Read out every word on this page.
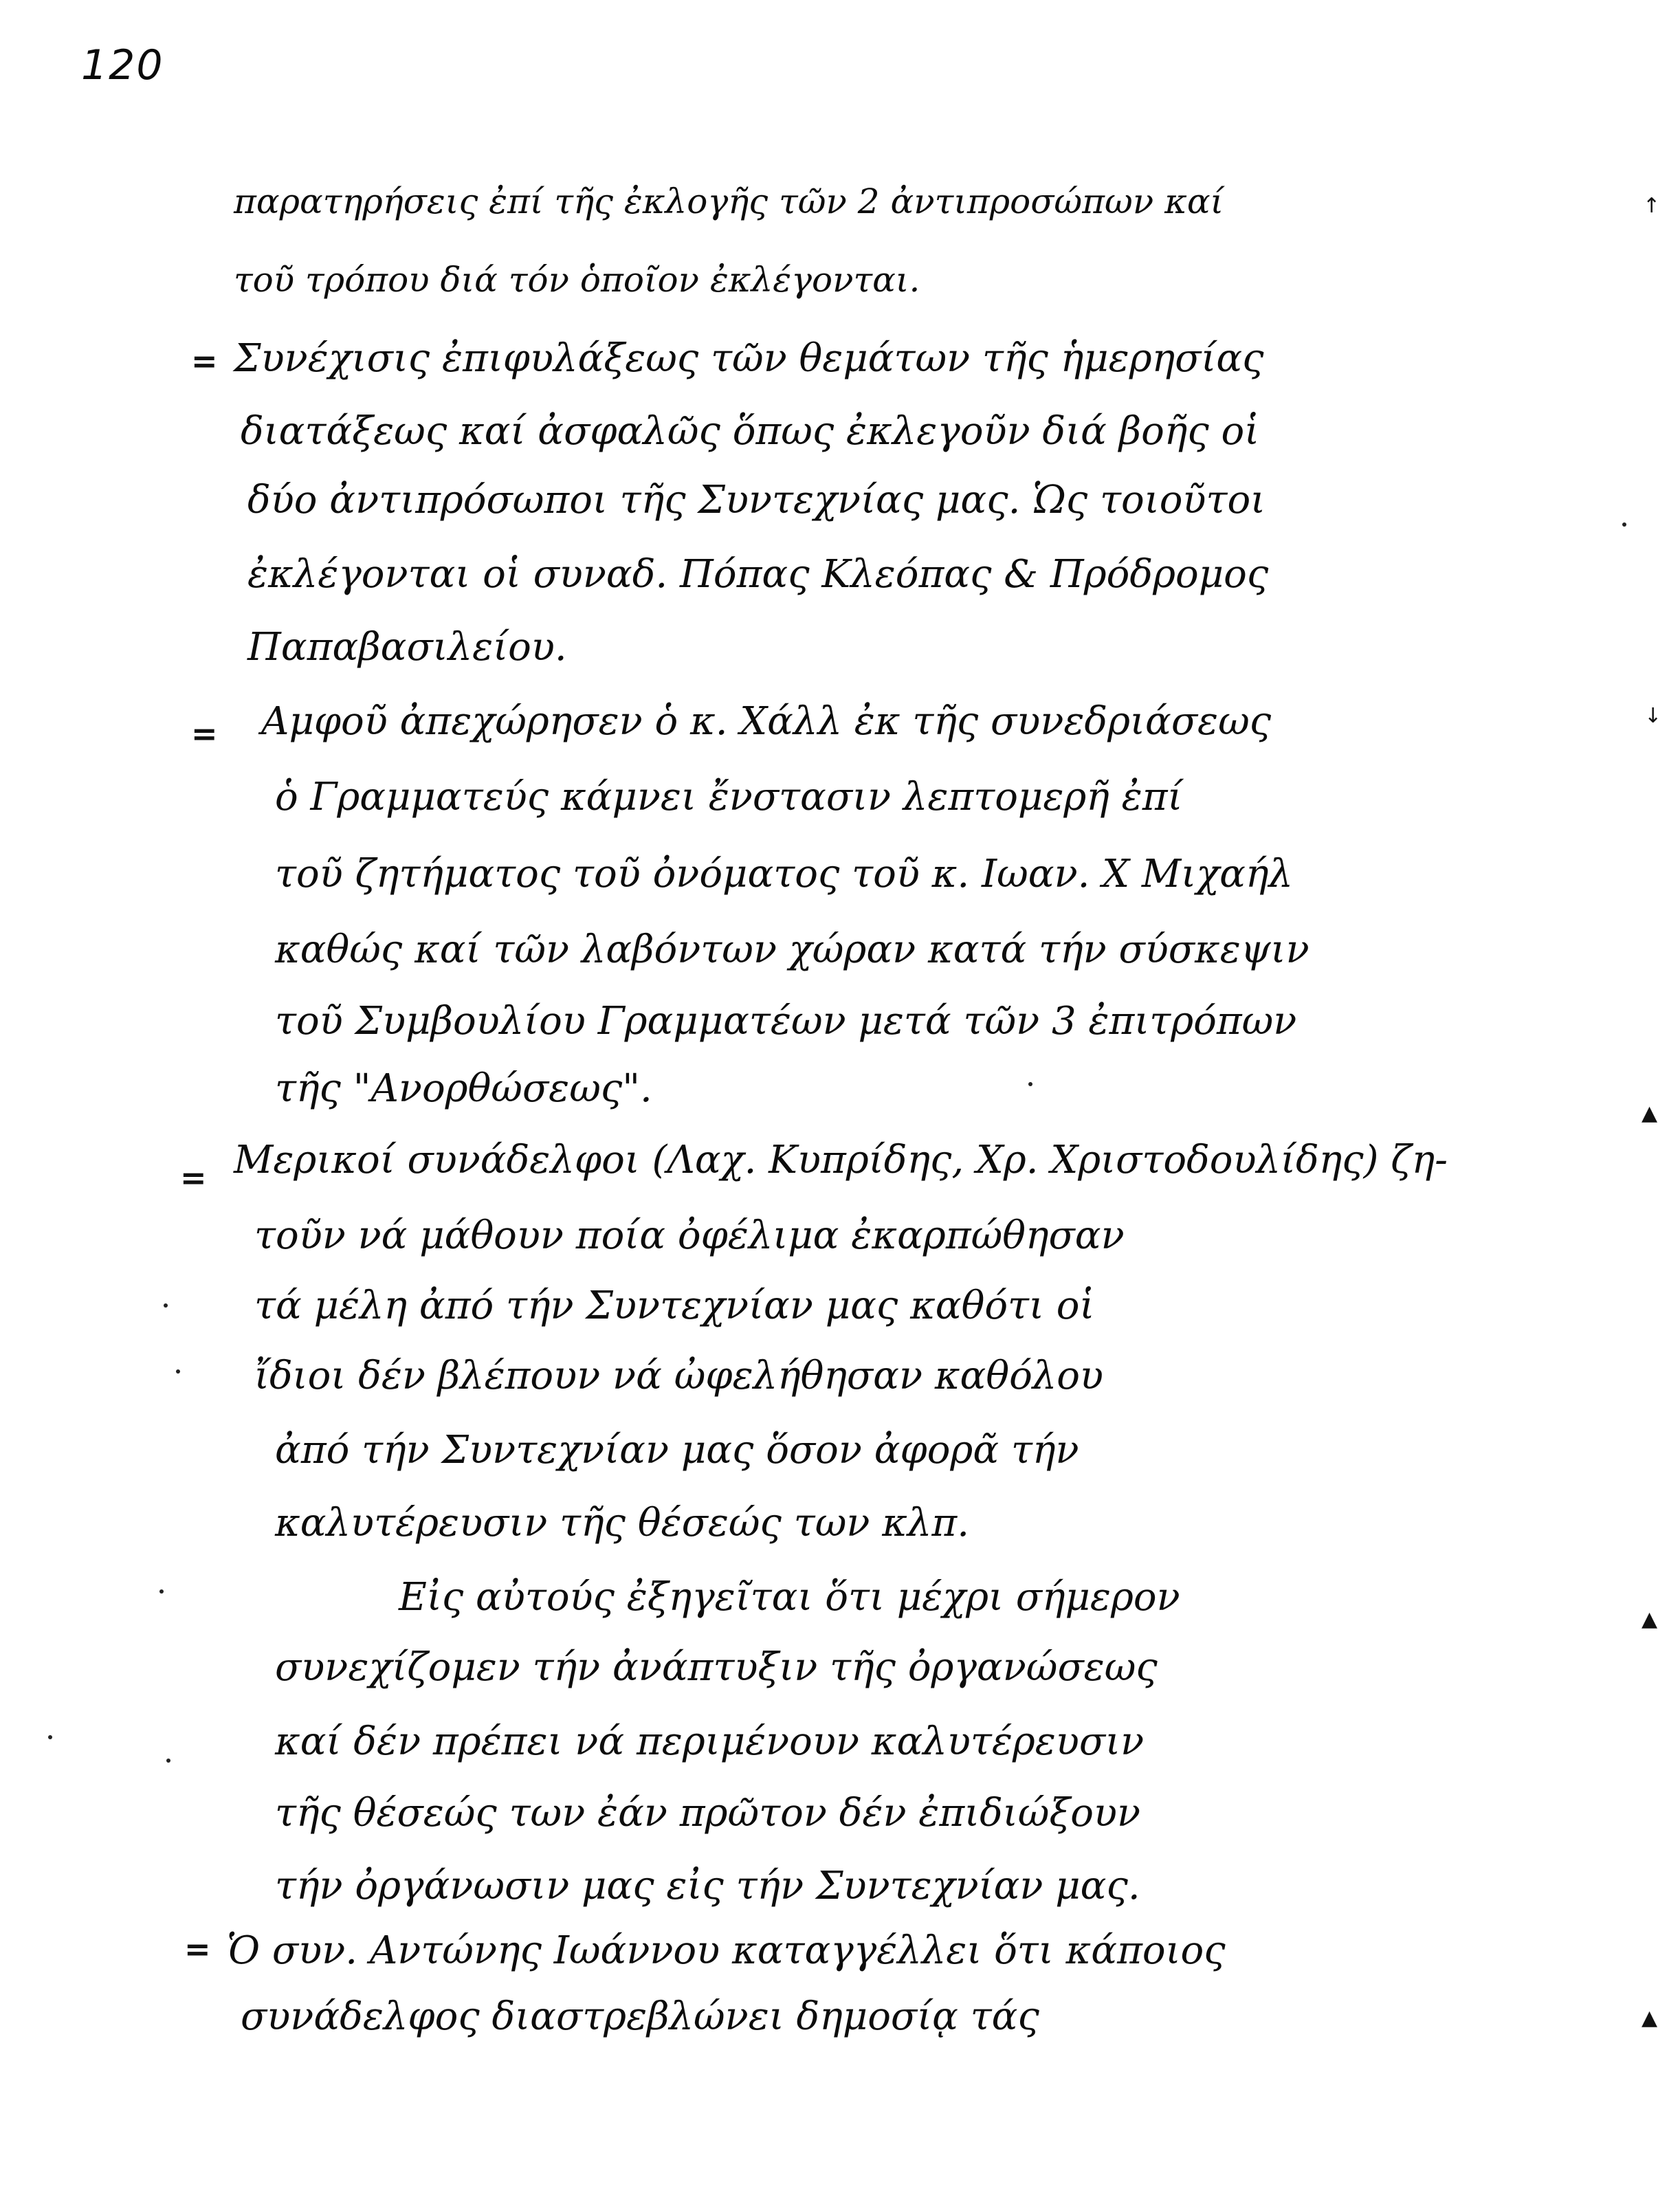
120
=
=
=
=
↑
↓
▲
▲
▲
παρατηρήσεις ἐπί τῆς ἐκλογῆς τῶν 2 ἀντιπροσώπων καί
τοῦ τρόπου διά τόν ὁποῖον ἐκλέγονται.
Συνέχισις ἐπιφυλάξεως τῶν θεμάτων τῆς ἡμερησίας
διατάξεως καί ἀσφαλῶς ὅπως ἐκλεγοῦν διά βοῆς οἱ
δύο ἀντιπρόσωποι τῆς Συντεχνίας μας. Ὡς τοιοῦτοι
ἐκλέγονται οἱ συναδ. Πόπας Κλεόπας & Πρόδρομος
Παπαβασιλείου.
Αμφοῦ ἀπεχώρησεν ὁ κ. Χάλλ ἐκ τῆς συνεδριάσεως
ὁ Γραμματεύς κάμνει ἔνστασιν λεπτομερῆ ἐπί
τοῦ ζητήματος τοῦ ὀνόματος τοῦ κ. Ιωαν. Χ Μιχαήλ
καθώς καί τῶν λαβόντων χώραν κατά τήν σύσκεψιν
τοῦ Συμβουλίου Γραμματέων μετά τῶν 3 ἐπιτρόπων
τῆς "Ανορθώσεως".
Μερικοί συνάδελφοι (Λαχ. Κυπρίδης, Χρ. Χριστοδουλίδης) ζη-
τοῦν νά μάθουν ποία ὀφέλιμα ἐκαρπώθησαν
τά μέλη ἀπό τήν Συντεχνίαν μας καθότι οἱ
ἴδιοι δέν βλέπουν νά ὠφελήθησαν καθόλου
ἀπό τήν Συντεχνίαν μας ὅσον ἀφορᾶ τήν
καλυτέρευσιν τῆς θέσεώς των κλπ.
Εἰς αὐτούς ἐξηγεῖται ὅτι μέχρι σήμερον
συνεχίζομεν τήν ἀνάπτυξιν τῆς ὀργανώσεως
καί δέν πρέπει νά περιμένουν καλυτέρευσιν
τῆς θέσεώς των ἐάν πρῶτον δέν ἐπιδιώξουν
τήν ὀργάνωσιν μας εἰς τήν Συντεχνίαν μας.
Ὁ συν. Αντώνης Ιωάννου καταγγέλλει ὅτι κάποιος
συνάδελφος διαστρεβλώνει δημοσίᾳ τάς
